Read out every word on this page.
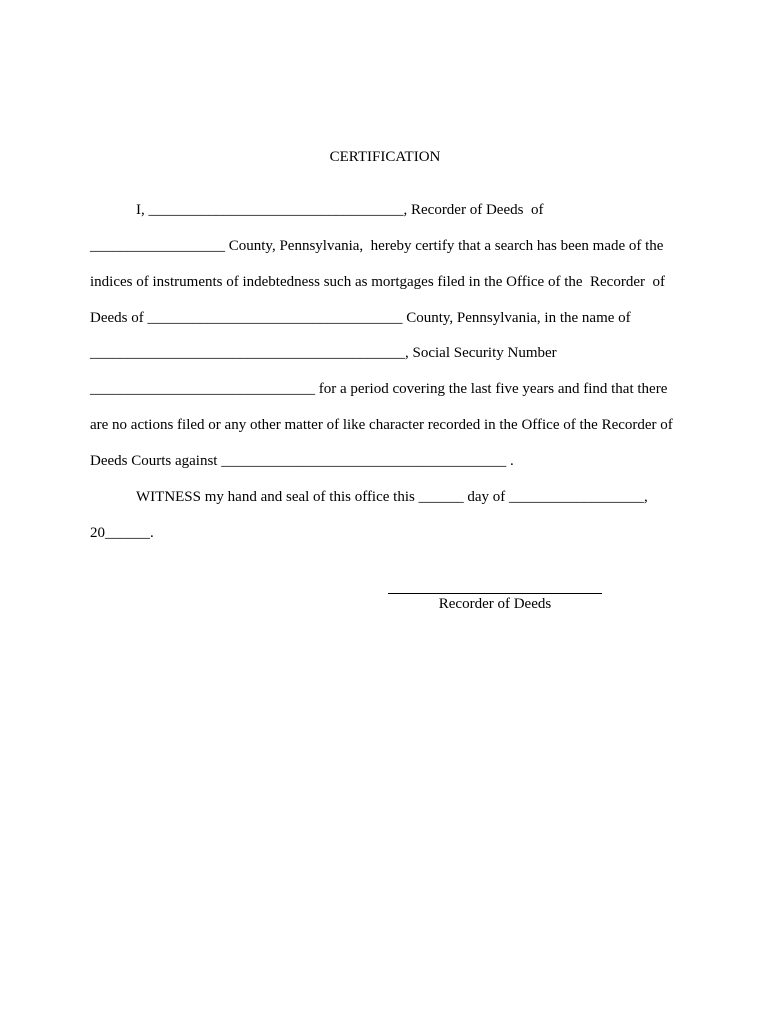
CERTIFICATION
I, __________________________________, Recorder of Deeds  of
__________________ County, Pennsylvania,  hereby certify that a search has been made of the
indices of instruments of indebtedness such as mortgages filed in the Office of the  Recorder  of
Deeds of __________________________________ County, Pennsylvania, in the name of
__________________________________________, Social Security Number
______________________________ for a period covering the last five years and find that there
are no actions filed or any other matter of like character recorded in the Office of the Recorder of
Deeds Courts against ______________________________________ .
WITNESS my hand and seal of this office this ______ day of __________________,
20______.
Recorder of Deeds
